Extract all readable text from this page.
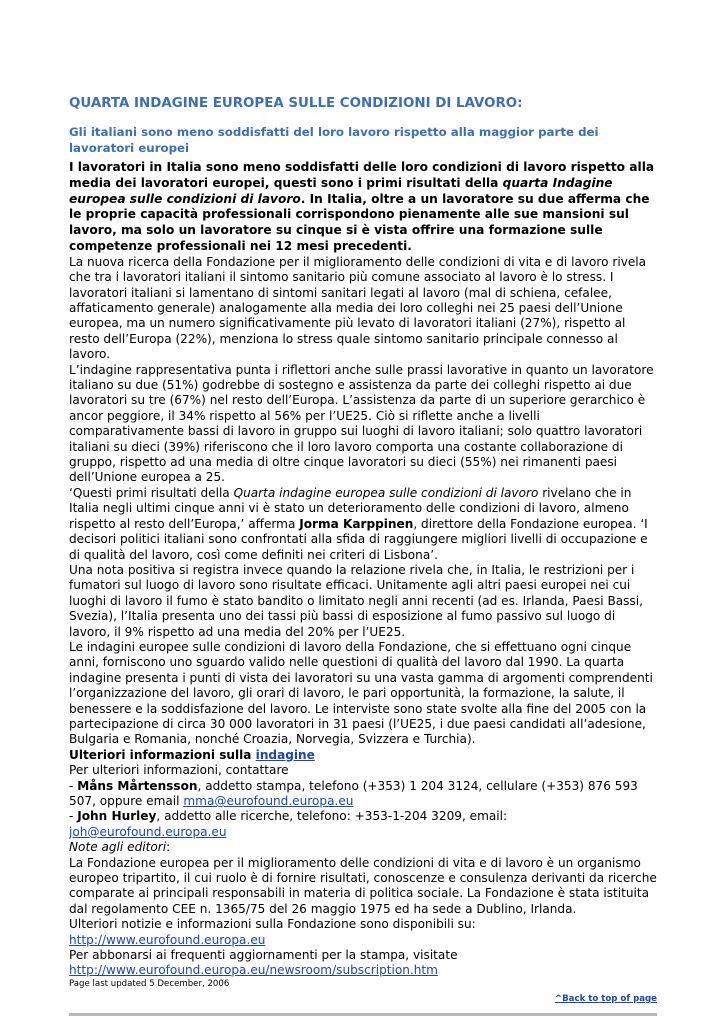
QUARTA INDAGINE EUROPEA SULLE CONDIZIONI DI LAVORO:
Gli italiani sono meno soddisfatti del loro lavoro rispetto alla maggior parte dei lavoratori europei

I lavoratori in Italia sono meno soddisfatti delle loro condizioni di lavoro rispetto alla media dei lavoratori europei, questi sono i primi risultati della quarta Indagine europea sulle condizioni di lavoro. In Italia, oltre a un lavoratore su due afferma che le proprie capacità professionali corrispondono pienamente alle sue mansioni sul lavoro, ma solo un lavoratore su cinque si è vista offrire una formazione sulle competenze professionali nei 12 mesi precedenti.

La nuova ricerca della Fondazione per il miglioramento delle condizioni di vita e di lavoro rivela che tra i lavoratori italiani il sintomo sanitario più comune associato al lavoro è lo stress. I lavoratori italiani si lamentano di sintomi sanitari legati al lavoro (mal di schiena, cefalee, affaticamento generale) analogamente alla media dei loro colleghi nei 25 paesi dell’Unione europea, ma un numero significativamente più levato di lavoratori italiani (27%), rispetto al resto dell’Europa (22%), menziona lo stress quale sintomo sanitario principale connesso al lavoro.

L’indagine rappresentativa punta i riflettori anche sulle prassi lavorative in quanto un lavoratore italiano su due (51%) godrebbe di sostegno e assistenza da parte dei colleghi rispetto ai due lavoratori su tre (67%) nel resto dell’Europa. L’assistenza da parte di un superiore gerarchico è ancor peggiore, il 34% rispetto al 56% per l’UE25. Ciò si riflette anche a livelli comparativamente bassi di lavoro in gruppo sui luoghi di lavoro italiani; solo quattro lavoratori italiani su dieci (39%) riferiscono che il loro lavoro comporta una costante collaborazione di gruppo, rispetto ad una media di oltre cinque lavoratori su dieci (55%) nei rimanenti paesi dell’Unione europea a 25.

‘Questi primi risultati della Quarta indagine europea sulle condizioni di lavoro rivelano che in Italia negli ultimi cinque anni vi è stato un deterioramento delle condizioni di lavoro, almeno rispetto al resto dell’Europa,’ afferma Jorma Karppinen, direttore della Fondazione europea. ‘I decisori politici italiani sono confrontati alla sfida di raggiungere migliori livelli di occupazione e di qualità del lavoro, così come definiti nei criteri di Lisbona’.

Una nota positiva si registra invece quando la relazione rivela che, in Italia, le restrizioni per i fumatori sul luogo di lavoro sono risultate efficaci. Unitamente agli altri paesi europei nei cui luoghi di lavoro il fumo è stato bandito o limitato negli anni recenti (ad es. Irlanda, Paesi Bassi, Svezia), l’Italia presenta uno dei tassi più bassi di esposizione al fumo passivo sul luogo di lavoro, il 9% rispetto ad una media del 20% per l’UE25.

Le indagini europee sulle condizioni di lavoro della Fondazione, che si effettuano ogni cinque anni, forniscono uno sguardo valido nelle questioni di qualità del lavoro dal 1990. La quarta indagine presenta i punti di vista dei lavoratori su una vasta gamma di argomenti comprendenti l’organizzazione del lavoro, gli orari di lavoro, le pari opportunità, la formazione, la salute, il benessere e la soddisfazione del lavoro. Le interviste sono state svolte alla fine del 2005 con la partecipazione di circa 30 000 lavoratori in 31 paesi (l’UE25, i due paesi candidati all’adesione, Bulgaria e Romania, nonché Croazia, Norvegia, Svizzera e Turchia).

Ulteriori informazioni sulla indagine

Per ulteriori informazioni, contattare

- Måns Mårtensson, addetto stampa, telefono (+353) 1 204 3124, cellulare (+353) 876 593 507, oppure email mma@eurofound.europa.eu

- John Hurley, addetto alle ricerche, telefono: +353-1-204 3209, email: joh@eurofound.europa.eu

Note agli editori:

La Fondazione europea per il miglioramento delle condizioni di vita e di lavoro è un organismo europeo tripartito, il cui ruolo è di fornire risultati, conoscenze e consulenza derivanti da ricerche comparate ai principali responsabili in materia di politica sociale. La Fondazione è stata istituita dal regolamento CEE n. 1365/75 del 26 maggio 1975 ed ha sede a Dublino, Irlanda.

Ulteriori notizie e informazioni sulla Fondazione sono disponibili su:

http://www.eurofound.europa.eu

Per abbonarsi ai frequenti aggiornamenti per la stampa, visitate

http://www.eurofound.europa.eu/newsroom/subscription.htm

Page last updated 5 December, 2006

^Back to top of page
